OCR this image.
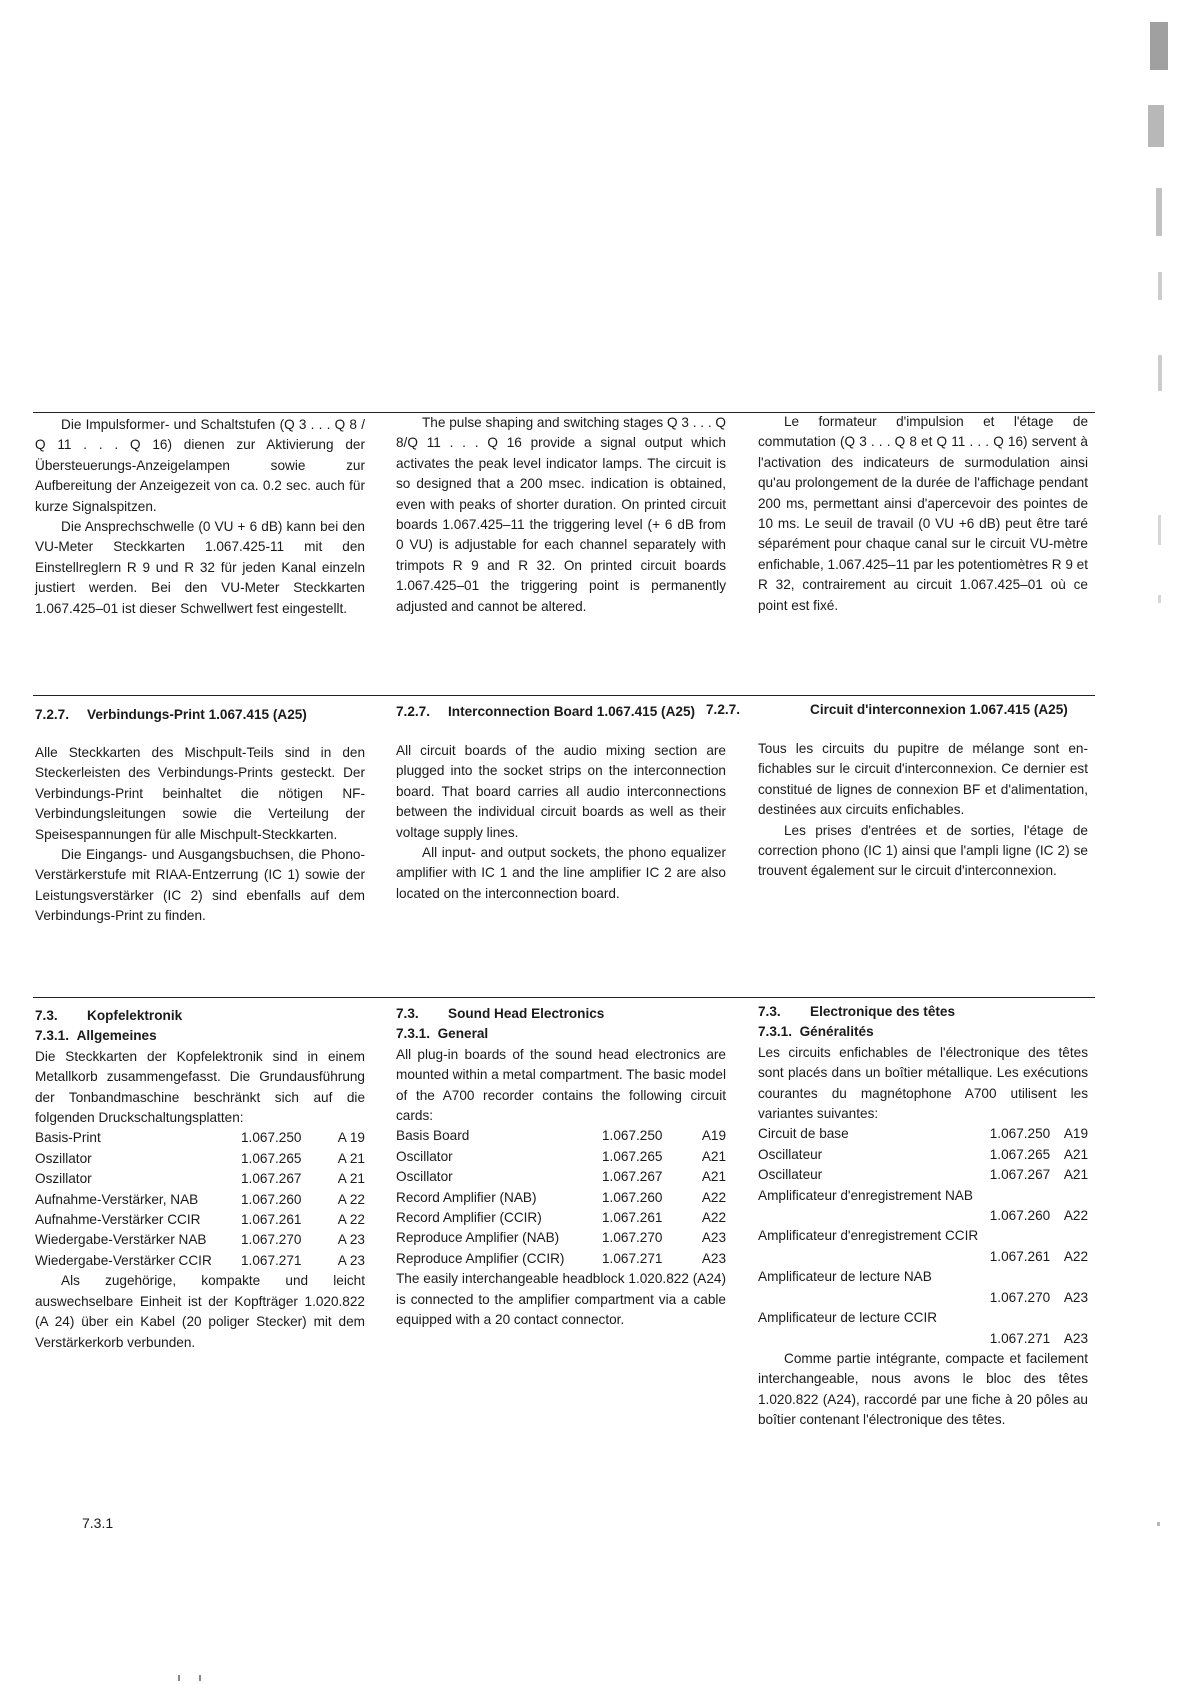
Die Impulsformer- und Schaltstufen (Q 3 . . . Q 8 / Q 11 . . . Q 16) dienen zur Aktivierung der Übersteuerungs-Anzeigelampen sowie zur Aufbereitung der Anzeigezeit von ca. 0.2 sec. auch für kurze Signalspitzen.

Die Ansprechschwelle (0 VU + 6 dB) kann bei den VU-Meter Steckkarten 1.067.425-11 mit den Einstellreglern R 9 und R 32 für jeden Kanal einzeln justiert werden. Bei den VU-Meter Steckkarten 1.067.425–01 ist dieser Schwellwert fest eingestellt.

The pulse shaping and switching stages Q 3 . . . Q 8/Q 11 . . . Q 16 provide a signal output which activates the peak level indicator lamps. The circuit is so designed that a 200 msec. indication is obtained, even with peaks of shorter duration. On printed circuit boards 1.067.425–11 the triggering level (+ 6 dB from 0 VU) is adjustable for each channel separately with trimpots R 9 and R 32. On printed circuit boards 1.067.425–01 the triggering point is permanently adjusted and cannot be altered.

Le formateur d'impulsion et l'étage de commutation (Q 3 . . . Q 8 et Q 11 . . . Q 16) servent à l'activation des indicateurs de surmodulation ainsi qu'au prolongement de la durée de l'affichage pendant 200 ms, permettant ainsi d'apercevoir des pointes de 10 ms. Le seuil de travail (0 VU +6 dB) peut être taré séparément pour chaque canal sur le circuit VU-mètre enfichable, 1.067.425–11 par les potentiomètres R 9 et R 32, contrairement au circuit 1.067.425–01 où ce point est fixé.

7.2.7. Verbindungs-Print 1.067.415 (A25)	7.2.7. Interconnection Board 1.067.415 (A25) 7.2.7.	Circuit d'interconnexion 1.067.415 (A25)

Alle Steckkarten des Mischpult-Teils sind in den Steckerleisten des Verbindungs-Prints gesteckt. Der Verbindungs-Print beinhaltet die nötigen NF-Verbindungsleitungen sowie die Verteilung der Speisespannungen für alle Mischpult-Steckkarten.

Die Eingangs- und Ausgangsbuchsen, die Phono-Verstärkerstufe mit RIAA-Entzerrung (IC 1) sowie der Leistungsverstärker (IC 2) sind ebenfalls auf dem Verbindungs-Print zu finden.

All circuit boards of the audio mixing section are plugged into the socket strips on the interconnection board. That board carries all audio interconnections between the individual circuit boards as well as their voltage supply lines.

All input- and output sockets, the phono equalizer amplifier with IC 1 and the line amplifier IC 2 are also located on the interconnection board.

Tous les circuits du pupitre de mélange sont enfichables sur le circuit d'interconnexion. Ce dernier est constitué de lignes de connexion BF et d'alimentation, destinées aux circuits enfichables.

Les prises d'entrées et de sorties, l'étage de correction phono (IC 1) ainsi que l'ampli ligne (IC 2) se trouvent également sur le circuit d'interconnexion.

7.3. Kopfelektronik
7.3.1. Allgemeines

Die Steckkarten der Kopfelektronik sind in einem Metallkorb zusammengefasst. Die Grundausführung der Tonbandmaschine beschränkt sich auf die folgenden Druckschaltungsplatten:

Basis-Print	1.067.250	A 19
Oszillator	1.067.265	A 21
Oszillator	1.067.267	A 21
Aufnahme-Verstärker, NAB	1.067.260	A 22
Aufnahme-Verstärker CCIR	1.067.261	A 22
Wiedergabe-Verstärker NAB	1.067.270	A 23
Wiedergabe-Verstärker CCIR	1.067.271	A 23

Als zugehörige, kompakte und leicht auswechselbare Einheit ist der Kopfträger 1.020.822 (A 24) über ein Kabel (20 poliger Stecker) mit dem Verstärkerkorb verbunden.

7.3. Sound Head Electronics
7.3.1. General

All plug-in boards of the sound head electronics are mounted within a metal compartment. The basic model of the A700 recorder contains the following circuit cards:

Basis Board	1.067.250	A19
Oscillator	1.067.265	A21
Oscillator	1.067.267	A21
Record Amplifier (NAB)	1.067.260	A22
Record Amplifier (CCIR)	1.067.261	A22
Reproduce Amplifier (NAB)	1.067.270	A23
Reproduce Amplifier (CCIR)	1.067.271	A23

The easily interchangeable headblock 1.020.822 (A24) is connected to the amplifier compartment via a cable equipped with a 20 contact connector.

7.3. Electronique des têtes
7.3.1. Généralités

Les circuits enfichables de l'électronique des têtes sont placés dans un boîtier métallique. Les exécutions courantes du magnétophone A700 utilisent les variantes suivantes:

Circuit de base	1.067.250 A19
Oscillateur	1.067.265 A21
Oscillateur	1.067.267 A21
Amplificateur d'enregistrement NAB
1.067.260 A22
Amplificateur d'enregistrement CCIR
1.067.261 A22
Amplificateur de lecture NAB
1.067.270 A23
Amplificateur de lecture CCIR
1.067.271 A23

Comme partie intégrante, compacte et facilement interchangeable, nous avons le bloc des têtes 1.020.822 (A24), raccordé par une fiche à 20 pôles au boîtier contenant l'électronique des têtes.

7.3.1
